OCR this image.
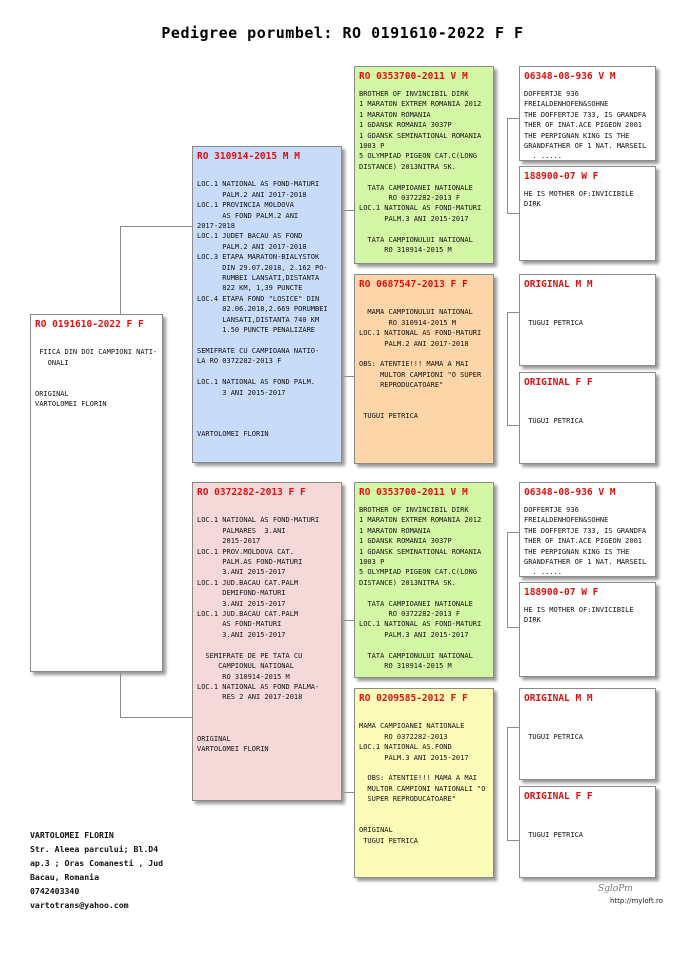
Pedigree porumbel: RO 0191610-2022 F F
RO 0191610-2022 F F

FIICA DIN DOI CAMPIONI NATI-
ONALI

ORIGINAL
VARTOLOMEI FLORIN
RO 310914-2015 M M

LOC.1 NATIONAL AS FOND-MATURI
PALM.2 ANI 2017-2018
LOC.1 PROVINCIA MOLDOVA
AS FOND PALM.2 ANI
2017-2018
LOC.1 JUDET BACAU AS FOND
PALM.2 ANI 2017-2018
LOC.3 ETAPA MARATON-BIALYSTOK
DIN 29.07.2018, 2.162 PO-
RUMBEI LANSATI,DISTANTA
822 KM, 1,39 PUNCTE
LOC.4 ETAPA FOND "LOSICE" DIN
02.06.2018,2.669 PORUMBEI
LANSATI,DISTANTA 740 KM
1.50 PUNCTE PENALIZARE

SEMIFRATE CU CAMPIOANA NATIO-
LA RO 0372282-2013 F

LOC.1 NATIONAL AS FOND PALM.
3 ANI 2015-2017

VARTOLOMEI FLORIN
RO 0372282-2013 F F

LOC.1 NATIONAL AS FOND-MATURI
PALMARES  3.ANI
2015-2017
LOC.1 PROV.MOLDOVA CAT.
PALM.AS FOND-MATURI
3.ANI 2015-2017
LOC.1 JUD.BACAU CAT.PALM
DEMIFOND-MATURI
3.ANI 2015-2017
LOC.1 JUD.BACAU CAT.PALM
AS FOND-MATURI
3.ANI 2015-2017

SEMIFRATE DE PE TATA CU
CAMPIONUL NATIONAL
RO 310914-2015 M
LOC.1 NATIONAL AS FOND PALMA-
RES 2 ANI 2017-2018

ORIGINAL
VARTOLOMEI FLORIN
RO 0353700-2011 V M
BROTHER OF INVINCIBIL DIRK
1 MARATON EXTREM ROMANIA 2012
1 MARATON ROMANIA
1 GDANSK ROMANIA 3037P
1 GDANSK SEMINATIONAL ROMANIA
1003 P
5 OLYMPIAD PIGEON CAT.C(LONG
DISTANCE) 2013NITRA SK.

TATA CAMPIOANEI NATIONALE
RO 0372282-2013 F
LOC.1 NATIONAL AS FOND-MATURI
PALM.3 ANI 2015-2017

TATA CAMPIONULUI NATIONAL
RO 310914-2015 M
RO 0687547-2013 F F

MAMA CAMPIONULUI NATIONAL
RO 310914-2015 M
LOC.1 NATIONAL AS FOND-MATURI
PALM.2 ANI 2017-2018

OBS: ATENTIE!!! MAMA A MAI
MULTOR CAMPIONI "O SUPER
REPRODUCATOARE"

TUGUI PETRICA
RO 0353700-2011 V M
BROTHER OF INVINCIBIL DIRK
1 MARATON EXTREM ROMANIA 2012
1 MARATON ROMANIA
1 GDANSK ROMANIA 3037P
1 GDANSK SEMINATIONAL ROMANIA
1003 P
5 OLYMPIAD PIGEON CAT.C(LONG
DISTANCE) 2013NITRA SK.

TATA CAMPIOANEI NATIONALE
RO 0372282-2013 F
LOC.1 NATIONAL AS FOND-MATURI
PALM.3 ANI 2015-2017

TATA CAMPIONULUI NATIONAL
RO 310914-2015 M
RO 0209585-2012 F F

MAMA CAMPIOANEI NATIONALE
RO 0372282-2013
LOC.1 NATIONAL AS.FOND
PALM.3 ANI 2015-2017

OBS: ATENTIE!!! MAMA A MAI
MULTOR CAMPIONI NATIONALI "O
SUPER REPRODUCATOARE"

ORIGINAL
TUGUI PETRICA
06348-08-936 V M
DOFFERTJE 936
FREIALDENHOFEN&SOHNE
THE DOFFERTJE 733, IS GRANDFA
THER OF INAT.ACE PIGEON 2001
THE PERPIGNAN KING IS THE
GRANDFATHER OF 1 NAT. MARSEIL
. .....
188900-07 W F
HE IS MOTHER OF:INVICIBILE
DIRK
ORIGINAL M M

TUGUI PETRICA
ORIGINAL F F

TUGUI PETRICA
06348-08-936 V M
DOFFERTJE 936
FREIALDENHOFEN&SOHNE
THE DOFFERTJE 733, IS GRANDFA
THER OF INAT.ACE PIGEON 2001
THE PERPIGNAN KING IS THE
GRANDFATHER OF 1 NAT. MARSEIL
. .....
188900-07 W F
HE IS MOTHER OF:INVICIBILE
DIRK
ORIGINAL M M

TUGUI PETRICA
ORIGINAL F F

TUGUI PETRICA
VARTOLOMEI FLORIN
Str. Aleea parcului; Bl.D4
ap.3 ; Oras Comanesti , Jud
Bacau, Romania
0742403340
vartotrans@yahoo.com
SgloPm
http://myloft.ro
